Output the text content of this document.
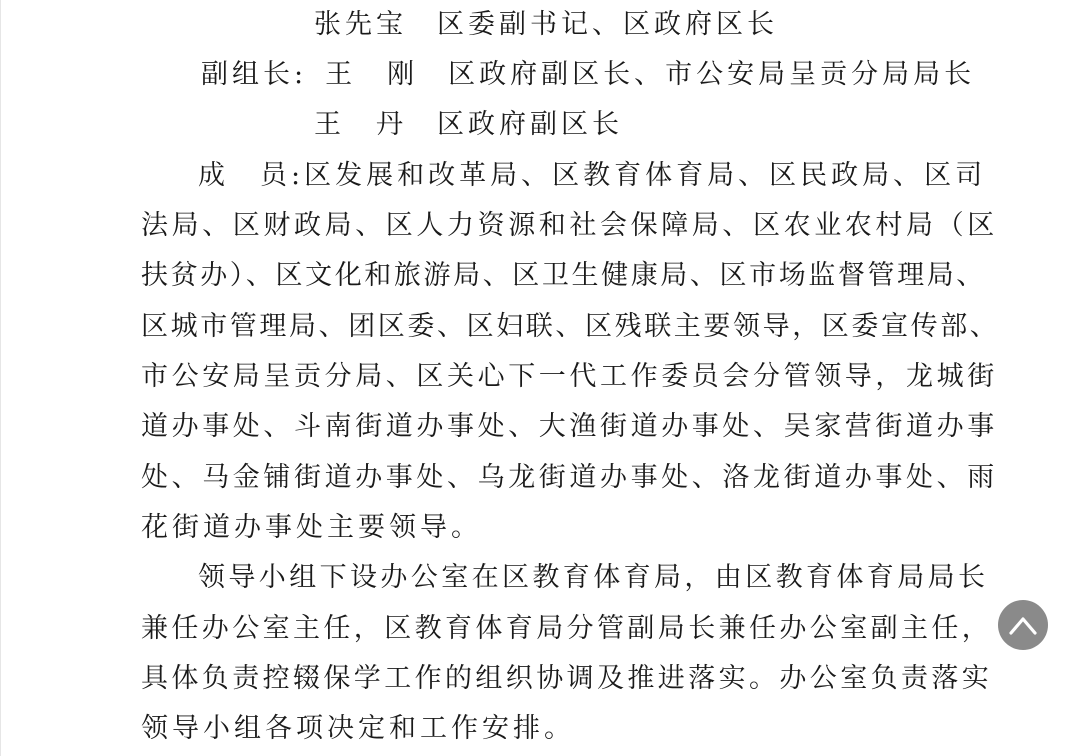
张先宝 区委副书记、区政府区长
副组长: 王　刚 区政府副区长、市公安局呈贡分局局长
王　丹 区政府副区长
成　员:区发展和改革局、区教育体育局、区民政局、区司
法局、区财政局、区人力资源和社会保障局、区农业农村局（区
扶贫办）、区文化和旅游局、区卫生健康局、区市场监督管理局、
区城市管理局、团区委、区妇联、区残联主要领导，区委宣传部、
市公安局呈贡分局、区关心下一代工作委员会分管领导，龙城街
道办事处、斗南街道办事处、大渔街道办事处、吴家营街道办事
处、马金铺街道办事处、乌龙街道办事处、洛龙街道办事处、雨
花街道办事处主要领导。
领导小组下设办公室在区教育体育局，由区教育体育局局长
兼任办公室主任，区教育体育局分管副局长兼任办公室副主任，
具体负责控辍保学工作的组织协调及推进落实。办公室负责落实
领导小组各项决定和工作安排。
